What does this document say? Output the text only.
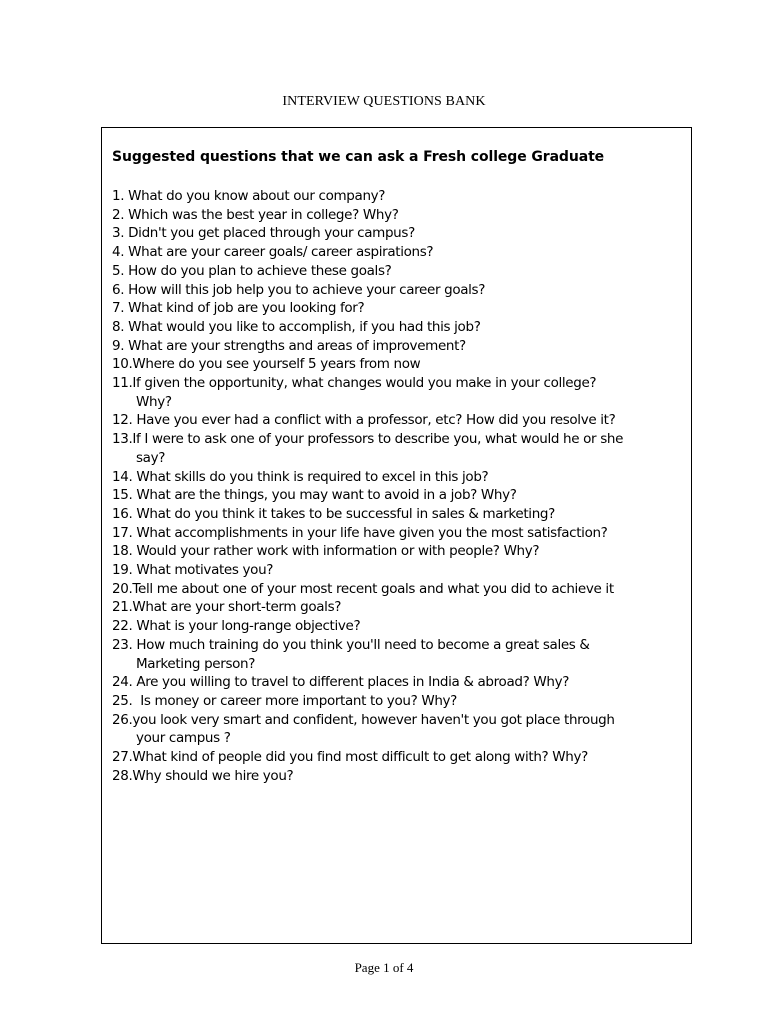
INTERVIEW QUESTIONS BANK
Suggested questions that we can ask a Fresh college Graduate
1. What do you know about our company?
2. Which was the best year in college? Why?
3. Didn't you get placed through your campus?
4. What are your career goals/ career aspirations?
5. How do you plan to achieve these goals?
6. How will this job help you to achieve your career goals?
7. What kind of job are you looking for?
8. What would you like to accomplish, if you had this job?
9. What are your strengths and areas of improvement?
10. Where do you see yourself 5 years from now
11. If given the opportunity, what changes would you make in your college?
Why?
12. Have you ever had a conflict with a professor, etc? How did you resolve it?
13. If I were to ask one of your professors to describe you, what would he or she
say?
14. What skills do you think is required to excel in this job?
15. What are the things, you may want to avoid in a job? Why?
16. What do you think it takes to be successful in sales & marketing?
17. What accomplishments in your life have given you the most satisfaction?
18. Would your rather work with information or with people? Why?
19. What motivates you?
20. Tell me about one of your most recent goals and what you did to achieve it
21. What are your short-term goals?
22. What is your long-range objective?
23. How much training do you think you'll need to become a great sales &
Marketing person?
24. Are you willing to travel to different places in India & abroad? Why?
25. Is money or career more important to you? Why?
26. you look very smart and confident, however haven't you got place through
your campus ?
27. What kind of people did you find most difficult to get along with? Why?
28. Why should we hire you?
Page 1 of 4
